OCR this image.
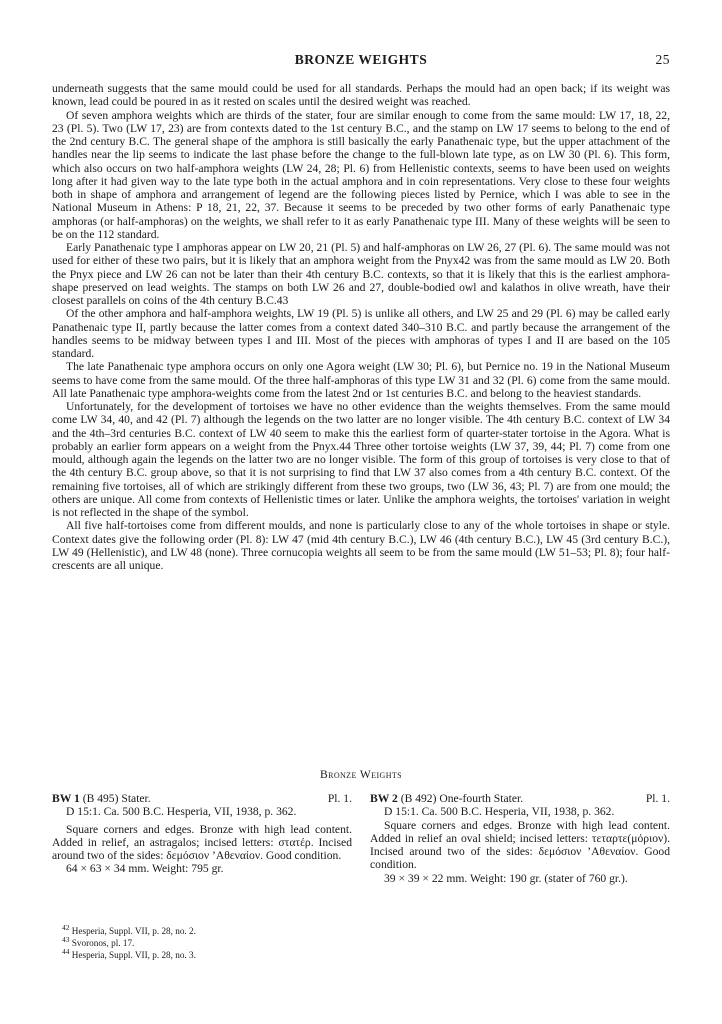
BRONZE WEIGHTS	25

underneath suggests that the same mould could be used for all standards. Perhaps the mould had an open back; if its weight was known, lead could be poured in as it rested on scales until the desired weight was reached.

Of seven amphora weights which are thirds of the stater, four are similar enough to come from the same mould: LW 17, 18, 22, 23 (Pl. 5). Two (LW 17, 23) are from contexts dated to the 1st century B.C., and the stamp on LW 17 seems to belong to the end of the 2nd century B.C. The general shape of the amphora is still basically the early Panathenaic type, but the upper attachment of the handles near the lip seems to indicate the last phase before the change to the full-blown late type, as on LW 30 (Pl. 6). This form, which also occurs on two half-amphora weights (LW 24, 28; Pl. 6) from Hellenistic contexts, seems to have been used on weights long after it had given way to the late type both in the actual amphora and in coin representations. Very close to these four weights both in shape of amphora and arrangement of legend are the following pieces listed by Pernice, which I was able to see in the National Museum in Athens: P 18, 21, 22, 37. Because it seems to be preceded by two other forms of early Panathenaic type amphoras (or half-amphoras) on the weights, we shall refer to it as early Panathenaic type III. Many of these weights will be seen to be on the 112 standard.

Early Panathenaic type I amphoras appear on LW 20, 21 (Pl. 5) and half-amphoras on LW 26, 27 (Pl. 6). The same mould was not used for either of these two pairs, but it is likely that an amphora weight from the Pnyx42 was from the same mould as LW 20. Both the Pnyx piece and LW 26 can not be later than their 4th century B.C. contexts, so that it is likely that this is the earliest amphora-shape preserved on lead weights. The stamps on both LW 26 and 27, double-bodied owl and kalathos in olive wreath, have their closest parallels on coins of the 4th century B.C.43

Of the other amphora and half-amphora weights, LW 19 (Pl. 5) is unlike all others, and LW 25 and 29 (Pl. 6) may be called early Panathenaic type II, partly because the latter comes from a context dated 340–310 B.C. and partly because the arrangement of the handles seems to be midway between types I and III. Most of the pieces with amphoras of types I and II are based on the 105 standard.

The late Panathenaic type amphora occurs on only one Agora weight (LW 30; Pl. 6), but Pernice no. 19 in the National Museum seems to have come from the same mould. Of the three half-amphoras of this type LW 31 and 32 (Pl. 6) come from the same mould. All late Panathenaic type amphora-weights come from the latest 2nd or 1st centuries B.C. and belong to the heaviest standards.

Unfortunately, for the development of tortoises we have no other evidence than the weights themselves. From the same mould come LW 34, 40, and 42 (Pl. 7) although the legends on the two latter are no longer visible. The 4th century B.C. context of LW 34 and the 4th–3rd centuries B.C. context of LW 40 seem to make this the earliest form of quarter-stater tortoise in the Agora. What is probably an earlier form appears on a weight from the Pnyx.44 Three other tortoise weights (LW 37, 39, 44; Pl. 7) come from one mould, although again the legends on the latter two are no longer visible. The form of this group of tortoises is very close to that of the 4th century B.C. group above, so that it is not surprising to find that LW 37 also comes from a 4th century B.C. context. Of the remaining five tortoises, all of which are strikingly different from these two groups, two (LW 36, 43; Pl. 7) are from one mould; the others are unique. All come from contexts of Hellenistic times or later. Unlike the amphora weights, the tortoises' variation in weight is not reflected in the shape of the symbol.

All five half-tortoises come from different moulds, and none is particularly close to any of the whole tortoises in shape or style. Context dates give the following order (Pl. 8): LW 47 (mid 4th century B.C.), LW 46 (4th century B.C.), LW 45 (3rd century B.C.), LW 49 (Hellenistic), and LW 48 (none). Three cornucopia weights all seem to be from the same mould (LW 51–53; Pl. 8); four half-crescents are all unique.

Bronze Weights
BW 1 (B 495) Stater.	Pl. 1.

D 15:1. Ca. 500 B.C. Hesperia, VII, 1938, p. 362.

Square corners and edges. Bronze with high lead content. Added in relief, an astragalos; incised letters: στατέρ. Incised around two of the sides: δεμόσιον ’Αθεναίον. Good condition.

64 × 63 × 34 mm. Weight: 795 gr.

BW 2 (B 492) One-fourth Stater.	Pl. 1.

D 15:1. Ca. 500 B.C. Hesperia, VII, 1938, p. 362.

Square corners and edges. Bronze with high lead content. Added in relief an oval shield; incised letters: τεταρτε(μόριον). Incised around two of the sides: δεμόσιον ’Αθεναίον. Good condition.

39 × 39 × 22 mm. Weight: 190 gr. (stater of 760 gr.).

$^{42}$ Hesperia, Suppl. VII, p. 28, no. 2.
$^{43}$ Svoronos, pl. 17.
$^{44}$ Hesperia, Suppl. VII, p. 28, no. 3.
